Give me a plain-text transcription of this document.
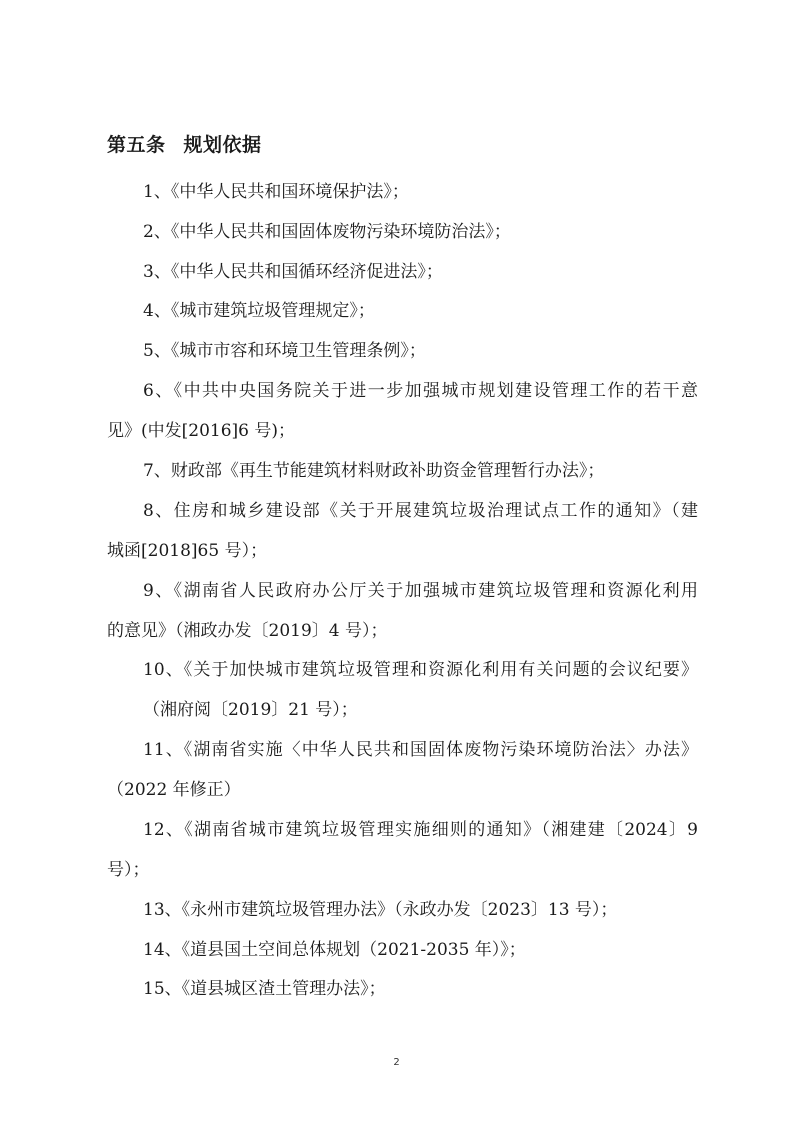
第五条 规划依据
1、《中华人民共和国环境保护法》；
2、《中华人民共和国固体废物污染环境防治法》；
3、《中华人民共和国循环经济促进法》；
4、《城市建筑垃圾管理规定》；
5、《城市市容和环境卫生管理条例》；
6、《中共中央国务院关于进一步加强城市规划建设管理工作的若干意
见》(中发[2016]6 号)；
7、财政部《再生节能建筑材料财政补助资金管理暂行办法》；
8、住房和城乡建设部《关于开展建筑垃圾治理试点工作的通知》（建
城函[2018]65 号）；
9、《湖南省人民政府办公厅关于加强城市建筑垃圾管理和资源化利用
的意见》（湘政办发〔2019〕4 号）；
10、《关于加快城市建筑垃圾管理和资源化利用有关问题的会议纪要》
（湘府阅〔2019〕21 号）；
11、《湖南省实施〈中华人民共和国固体废物污染环境防治法〉办法》
（2022 年修正）
12、《湖南省城市建筑垃圾管理实施细则的通知》（湘建建〔2024〕9
号）；
13、《永州市建筑垃圾管理办法》（永政办发〔2023〕13 号）；
14、《道县国土空间总体规划（2021-2035 年）》；
15、《道县城区渣土管理办法》；
2
